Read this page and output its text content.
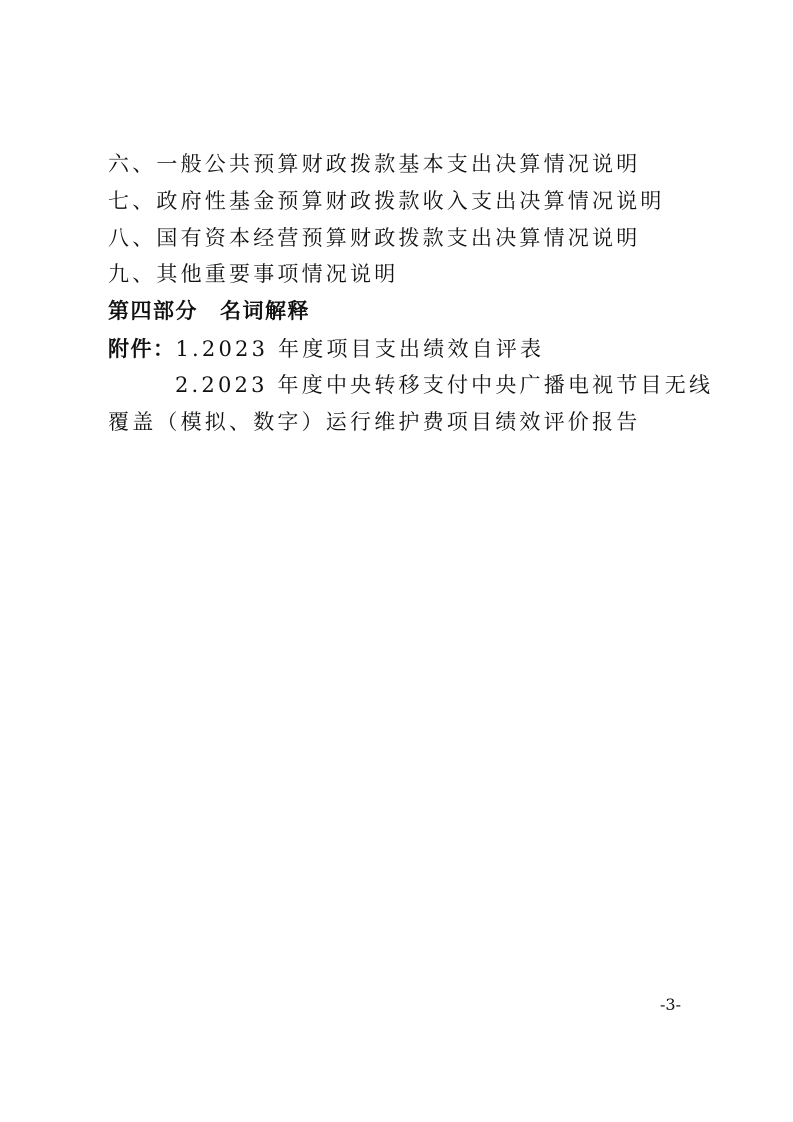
六、一般公共预算财政拨款基本支出决算情况说明
七、政府性基金预算财政拨款收入支出决算情况说明
八、国有资本经营预算财政拨款支出决算情况说明
九、其他重要事项情况说明
第四部分 名词解释
附件：1.2023 年度项目支出绩效自评表
2.2023 年度中央转移支付中央广播电视节目无线
覆盖（模拟、数字）运行维护费项目绩效评价报告
-3-
